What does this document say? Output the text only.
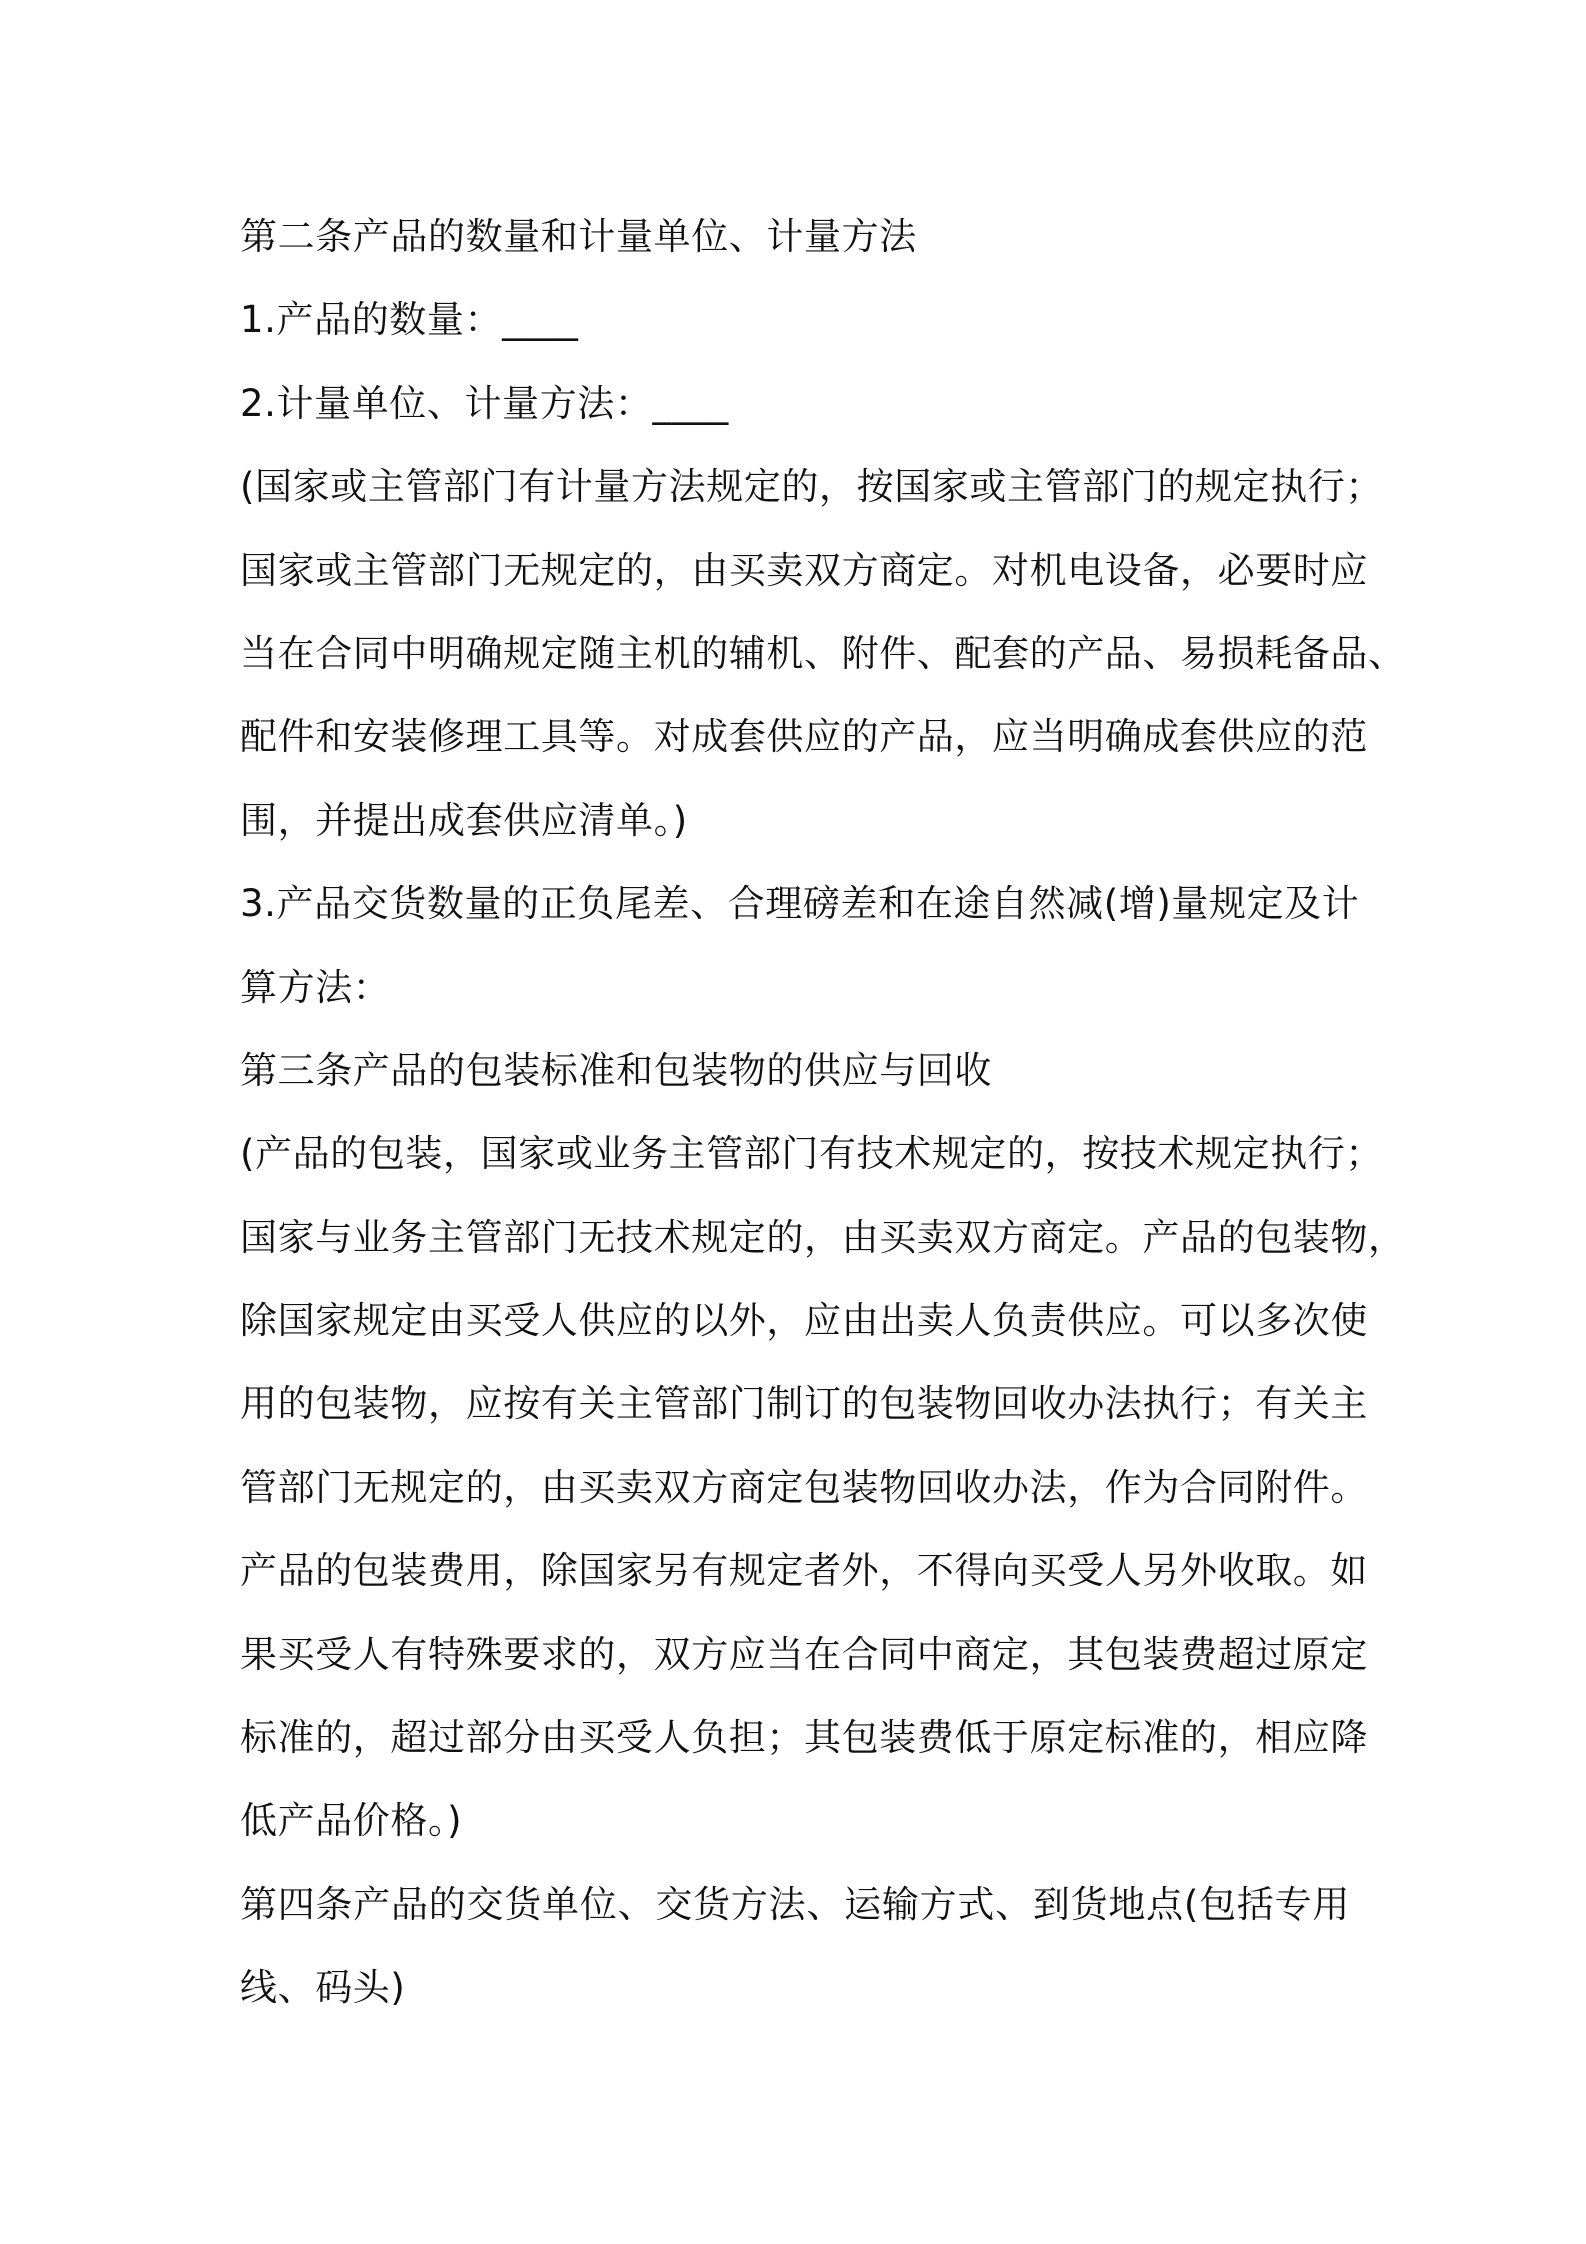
第二条产品的数量和计量单位、计量方法
1.产品的数量：____
2.计量单位、计量方法：____
(国家或主管部门有计量方法规定的，按国家或主管部门的规定执行；
国家或主管部门无规定的，由买卖双方商定。对机电设备，必要时应
当在合同中明确规定随主机的辅机、附件、配套的产品、易损耗备品、
配件和安装修理工具等。对成套供应的产品，应当明确成套供应的范
围，并提出成套供应清单。)
3.产品交货数量的正负尾差、合理磅差和在途自然减(增)量规定及计
算方法：
第三条产品的包装标准和包装物的供应与回收
(产品的包装，国家或业务主管部门有技术规定的，按技术规定执行；
国家与业务主管部门无技术规定的，由买卖双方商定。产品的包装物，
除国家规定由买受人供应的以外，应由出卖人负责供应。可以多次使
用的包装物，应按有关主管部门制订的包装物回收办法执行；有关主
管部门无规定的，由买卖双方商定包装物回收办法，作为合同附件。
产品的包装费用，除国家另有规定者外，不得向买受人另外收取。如
果买受人有特殊要求的，双方应当在合同中商定，其包装费超过原定
标准的，超过部分由买受人负担；其包装费低于原定标准的，相应降
低产品价格。)
第四条产品的交货单位、交货方法、运输方式、到货地点(包括专用
线、码头)
